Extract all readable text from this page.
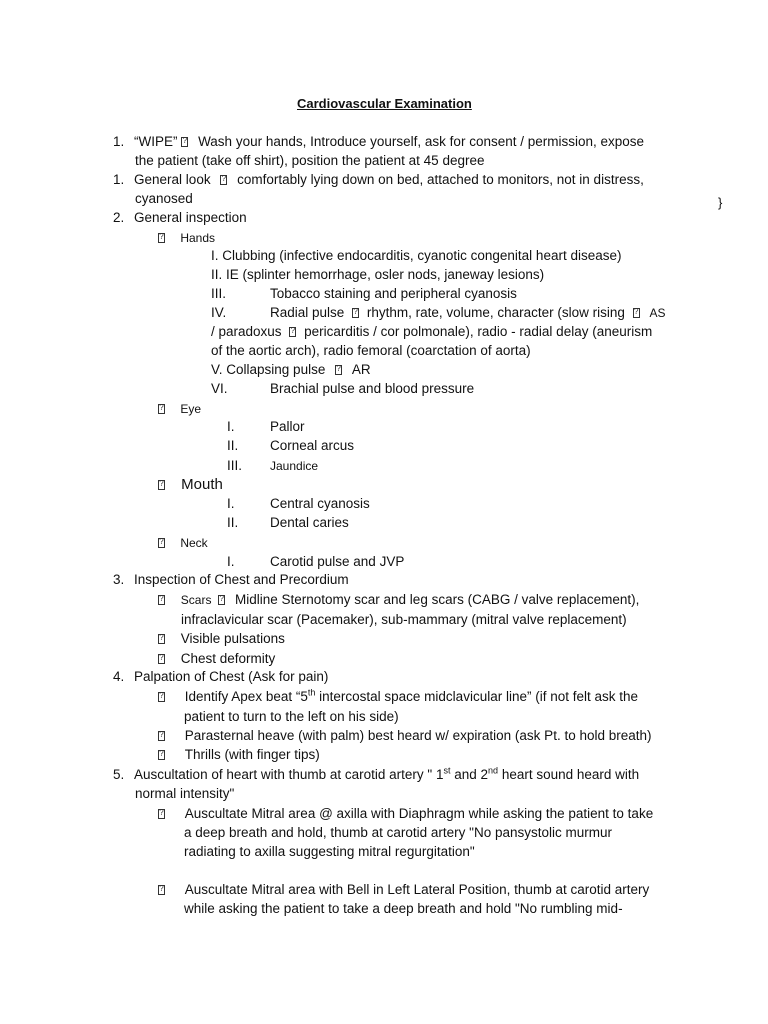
Cardiovascular Examination
1. “WIPE” ? Wash your hands, Introduce yourself, ask for consent / permission, expose
the patient (take off shirt), position the patient at 45 degree
1. General look ? comfortably lying down on bed, attached to monitors, not in distress,
cyanosed	}
2. General inspection
? Hands
I. Clubbing (infective endocarditis, cyanotic congenital heart disease)
II. IE (splinter hemorrhage, osler nods, janeway lesions)
III.	Tobacco staining and peripheral cyanosis
IV.	Radial pulse ? rhythm, rate, volume, character (slow rising ? AS
/ paradoxus ? pericarditis / cor polmonale), radio - radial delay (aneurism
of the aortic arch), radio femoral (coarctation of aorta)
V. Collapsing pulse ? AR
VI.	Brachial pulse and blood pressure
? Eye
I.	Pallor
II. Corneal arcus
III. Jaundice
? Mouth
I.	Central cyanosis
II. Dental caries
? Neck
I.	Carotid pulse and JVP
3. Inspection of Chest and Precordium
? Scars ? Midline Sternotomy scar and leg scars (CABG / valve replacement),
infraclavicular scar (Pacemaker), sub-mammary (mitral valve replacement)
? Visible pulsations
? Chest deformity
4. Palpation of Chest (Ask for pain)
? Identify Apex beat “5th intercostal space midclavicular line” (if not felt ask the
patient to turn to the left on his side)
? Parasternal heave (with palm) best heard w/ expiration (ask Pt. to hold breath)
? Thrills (with finger tips)
5. Auscultation of heart with thumb at carotid artery " 1st and 2nd heart sound heard with
normal intensity"
? Auscultate Mitral area @ axilla with Diaphragm while asking the patient to take
a deep breath and hold, thumb at carotid artery "No pansystolic murmur
radiating to axilla suggesting mitral regurgitation"
? Auscultate Mitral area with Bell in Left Lateral Position, thumb at carotid artery
while asking the patient to take a deep breath and hold "No rumbling mid-
